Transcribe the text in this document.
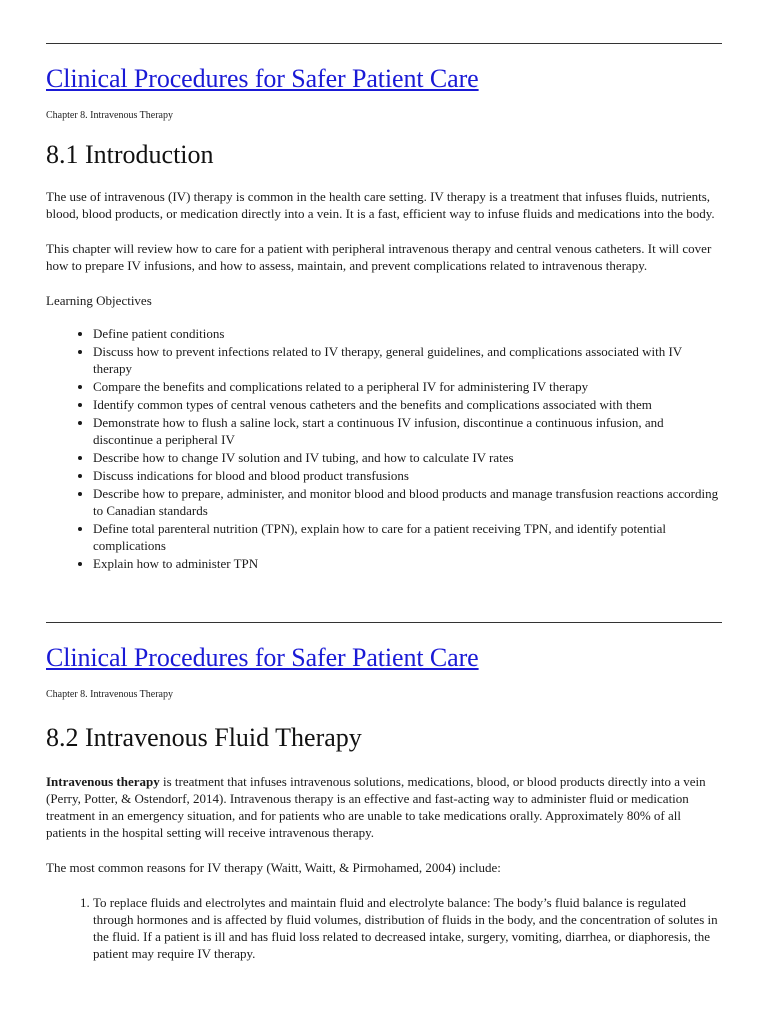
Clinical Procedures for Safer Patient Care
Chapter 8. Intravenous Therapy
8.1 Introduction

The use of intravenous (IV) therapy is common in the health care setting. IV therapy is a treatment that infuses fluids, nutrients, blood, blood products, or medication directly into a vein. It is a fast, efficient way to infuse fluids and medications into the body.

This chapter will review how to care for a patient with peripheral intravenous therapy and central venous catheters. It will cover how to prepare IV infusions, and how to assess, maintain, and prevent complications related to intravenous therapy.

Learning Objectives

• Define patient conditions
• Discuss how to prevent infections related to IV therapy, general guidelines, and complications associated with IV therapy
• Compare the benefits and complications related to a peripheral IV for administering IV therapy
• Identify common types of central venous catheters and the benefits and complications associated with them
• Demonstrate how to flush a saline lock, start a continuous IV infusion, discontinue a continuous infusion, and discontinue a peripheral IV
• Describe how to change IV solution and IV tubing, and how to calculate IV rates
• Discuss indications for blood and blood product transfusions
• Describe how to prepare, administer, and monitor blood and blood products and manage transfusion reactions according to Canadian standards
• Define total parenteral nutrition (TPN), explain how to care for a patient receiving TPN, and identify potential complications
• Explain how to administer TPN
Clinical Procedures for Safer Patient Care
Chapter 8. Intravenous Therapy
8.2 Intravenous Fluid Therapy

Intravenous therapy is treatment that infuses intravenous solutions, medications, blood, or blood products directly into a vein (Perry, Potter, & Ostendorf, 2014). Intravenous therapy is an effective and fast-acting way to administer fluid or medication treatment in an emergency situation, and for patients who are unable to take medications orally. Approximately 80% of all patients in the hospital setting will receive intravenous therapy.

The most common reasons for IV therapy (Waitt, Waitt, & Pirmohamed, 2004) include:

1. To replace fluids and electrolytes and maintain fluid and electrolyte balance: The body’s fluid balance is regulated through hormones and is affected by fluid volumes, distribution of fluids in the body, and the concentration of solutes in the fluid. If a patient is ill and has fluid loss related to decreased intake, surgery, vomiting, diarrhea, or diaphoresis, the patient may require IV therapy.
